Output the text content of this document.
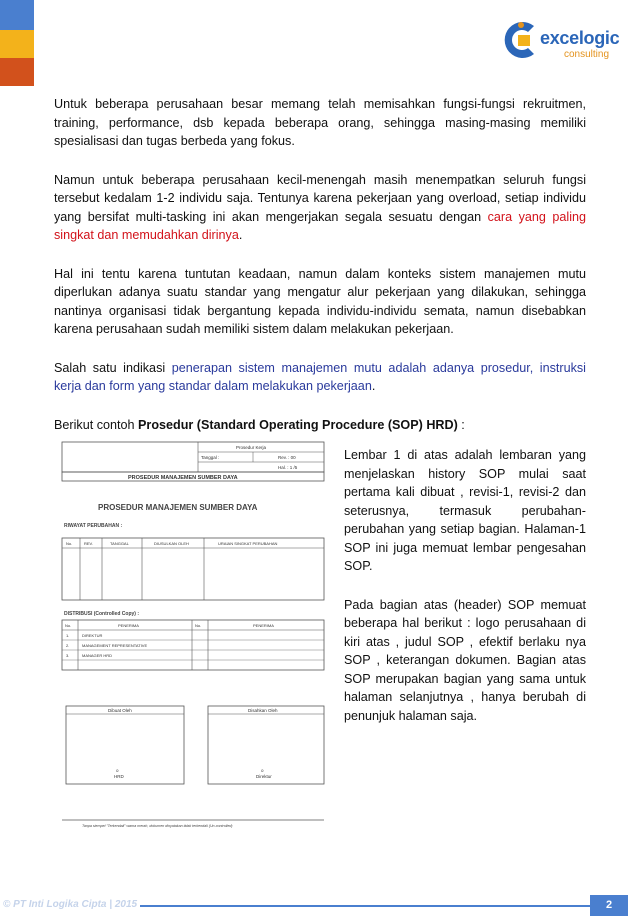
excelogic
consulting

Untuk beberapa perusahaan besar memang telah memisahkan fungsi-fungsi rekruitmen, training, performance, dsb kepada beberapa orang, sehingga masing-masing memiliki spesialisasi dan tugas berbeda yang fokus.

Namun untuk beberapa perusahaan kecil-menengah masih menempatkan seluruh fungsi tersebut kedalam 1-2 individu saja. Tentunya karena pekerjaan yang overload, setiap individu yang bersifat multi-tasking ini akan mengerjakan segala sesuatu dengan cara yang paling singkat dan memudahkan dirinya.

Hal ini tentu karena tuntutan keadaan, namun dalam konteks sistem manajemen mutu diperlukan adanya suatu standar yang mengatur alur pekerjaan yang dilakukan, sehingga nantinya organisasi tidak bergantung kepada individu-individu semata, namun disebabkan karena perusahaan sudah memiliki sistem dalam melakukan pekerjaan.

Salah satu indikasi penerapan sistem manajemen mutu adalah adanya prosedur, instruksi kerja dan form yang standar dalam melakukan pekerjaan.

Berikut contoh Prosedur (Standard Operating Procedure (SOP) HRD) :

Prosedur Kerja
Rev. : 00
Tanggal :
Hal. : 1 /5
PROSEDUR MANAJEMEN SUMBER DAYA
PROSEDUR MANAJEMEN SUMBER DAYA
RIWAYAT PERUBAHAN :
No.	REV.	TANGGAL	DIUSULKAN OLEH	URAIAN SINGKAT PERUBAHAN
DISTRIBUSI (Controlled Copy) :
No.	PENERIMA	No.	PENERIMA
1.	DIREKTUR
2.	MANAGEMENT REPRESENTATIVE
3.	MANAGER HRD
Dibuat Oleh	Disahkan Oleh
o
HRD
o
Direktur
Tanpa stempel "Terkendali" warna merah, dokumen dinyatakan tidak terkendali (Un-controlled)

Lembar 1 di atas adalah lembaran yang menjelaskan history SOP mulai saat pertama kali dibuat , revisi-1, revisi-2 dan seterusnya, termasuk perubahan-perubahan yang setiap bagian. Halaman-1 SOP ini juga memuat lembar pengesahan SOP.

Pada bagian atas (header) SOP memuat beberapa hal berikut : logo perusahaan di kiri atas , judul SOP , efektif berlaku nya SOP , keterangan dokumen. Bagian atas SOP merupakan bagian yang sama untuk halaman selanjutnya , hanya berubah di penunjuk halaman saja.

© PT Inti Logika Cipta | 2015	2
